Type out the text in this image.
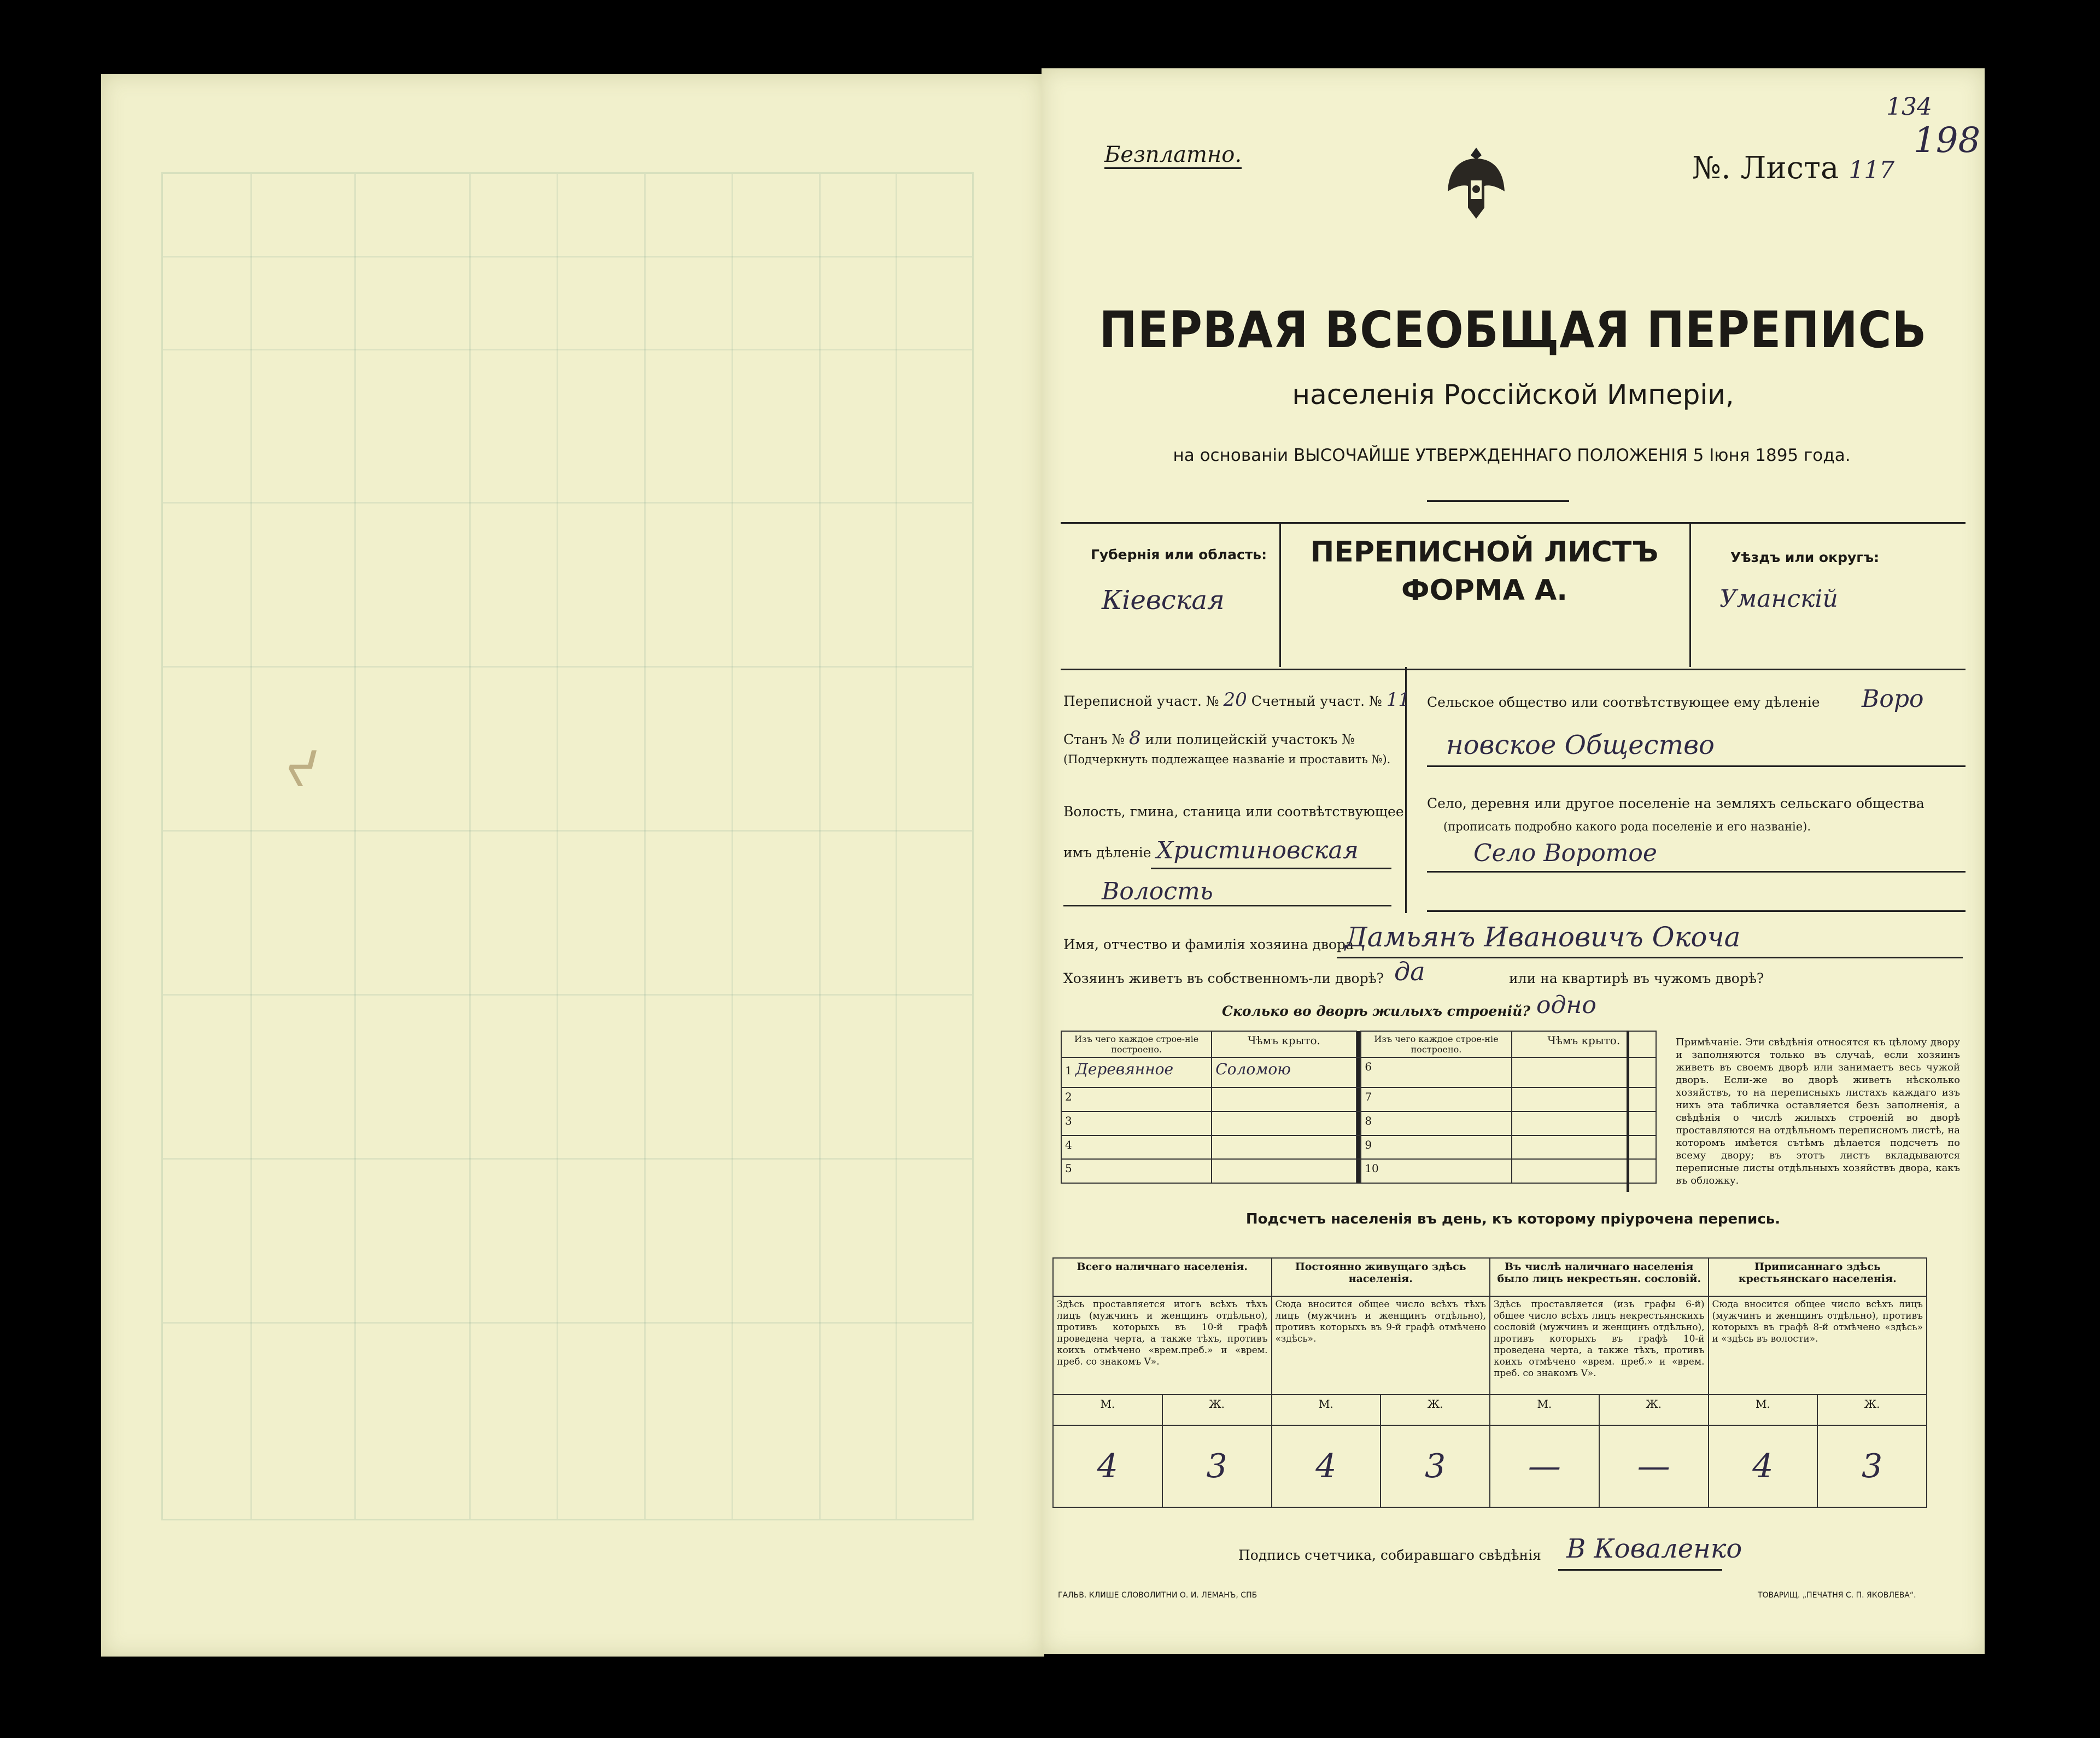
ᔪ
Безплатно.	№. Листа 117
134
198
ПЕРВАЯ ВСЕОБЩАЯ ПЕРЕПИСЬ
населенія Россійской Имперіи,
на основаніи ВЫСОЧАЙШЕ УТВЕРЖДЕННАГО ПОЛОЖЕНІЯ 5 Іюня 1895 года.
Губернія или область:
Кіевская
ПЕРЕПИСНОЙ ЛИСТЪ
ФОРМА А.
Уѣздъ или округъ:
Уманскій
Переписной участ. № 20 Счетный участ. № 11
Станъ № 8 или полицейскій участокъ №
(Подчеркнуть подлежащее названіе и проставить №).
Волость, гмина, станица или соотвѣтствующее
имъ дѣленіе Христиновская
Волость
Сельское общество или соотвѣтствующее ему дѣленіе Воро
новское Общество
Село, деревня или другое поселеніе на земляхъ сельскаго общества
(прописать подробно какого рода поселеніе и его названіе).
Село Воротое
Имя, отчество и фамилія хозяина двора
Дамьянъ Ивановичъ Окоча
Хозяинъ живетъ въ собственномъ-ли дворѣ? да	или на квартирѣ въ чужомъ дворѣ?
Сколько во дворѣ жилыхъ строеній? одно
Изъ чего каждое строе-ніе построено.	Чѣмъ крыто.		Изъ чего каждое строе-ніе построено.	Чѣмъ крыто.
1 Деревянное	Соломою		6	
2			7	
3			8	
4			9	
5			10	
Примѣчаніе. Эти свѣдѣнія относятся къ цѣлому двору и заполняются только въ случаѣ, если хозяинъ живетъ въ своемъ дворѣ или занимаетъ весь чужой дворъ. Если-же во дворѣ живетъ нѣсколько хозяйствъ, то на переписныхъ листахъ каждаго изъ нихъ эта табличка оставляется безъ заполненія, а свѣдѣнія о числѣ жилыхъ строеній во дворѣ проставляются на отдѣльномъ переписномъ листѣ, на которомъ имѣется сътѣмъ дѣлается подсчетъ по всему двору; въ этотъ листъ вкладываются переписные листы отдѣльныхъ хозяйствъ двора, какъ въ обложку.
Подсчетъ населенія въ день, къ которому пріурочена перепись.
Всего наличнаго населенія.		Постоянно живущаго здѣсь населенія.		Въ числѣ наличнаго населенія было лицъ некрестьян. сословій.		Приписаннаго здѣсь крестьянскаго населенія.	
Здѣсь проставляется итогъ всѣхъ тѣхъ лицъ (мужчинъ и женщинъ отдѣльно), противъ которыхъ въ 10-й графѣ проведена черта, а также тѣхъ, противъ коихъ отмѣчено «врем.преб.» и «врем. преб. со знакомъ V».		Сюда вносится общее число всѣхъ тѣхъ лицъ (мужчинъ и женщинъ отдѣльно), противъ которыхъ въ 9-й графѣ отмѣчено «здѣсь».		Здѣсь проставляется (изъ графы 6-й) общее число всѣхъ лицъ некрестьянскихъ сословій (мужчинъ и женщинъ отдѣльно), противъ которыхъ въ графѣ 10-й проведена черта, а также тѣхъ, противъ коихъ отмѣчено «врем. преб.» и «врем. преб. со знакомъ V».		Сюда вносится общее число всѣхъ лицъ (мужчинъ и женщинъ отдѣльно), противъ которыхъ въ графѣ 8-й отмѣчено «здѣсь» и «здѣсь въ волости».	
М.	Ж.	М.	Ж.	М.	Ж.	М.	Ж.
4	3	4	3	—	—	4	3
Подпись счетчика, собиравшаго свѣдѣнія В Коваленко
ГАЛЬВ. КЛИШЕ СЛОВОЛИТНИ О. И. ЛЕМАНЪ, СПБ	ТОВАРИЩ. „ПЕЧАТНЯ С. П. ЯКОВЛЕВА“.
